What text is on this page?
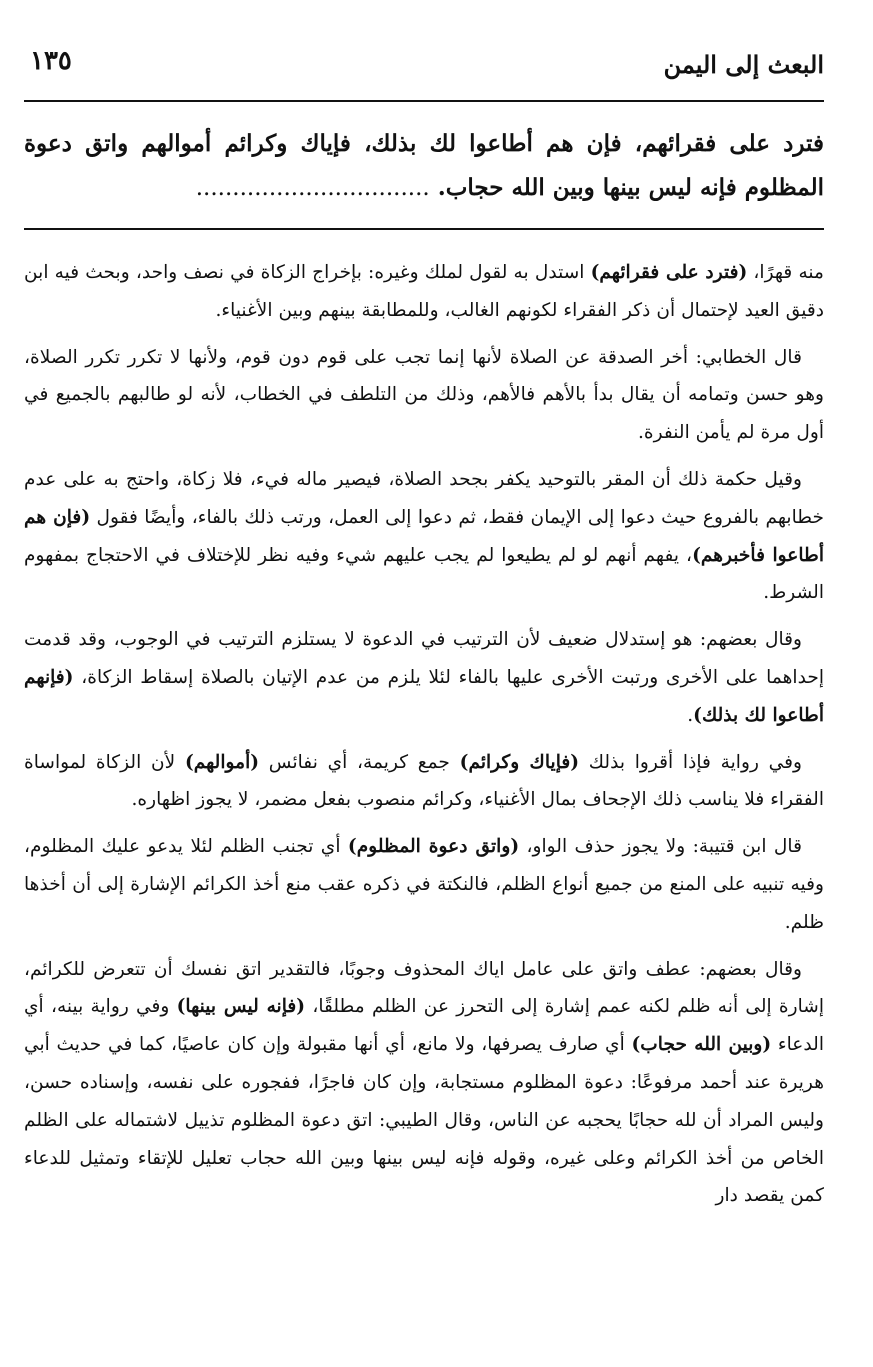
البعث إلى اليمن
١٣٥
فترد على فقرائهم، فإن هم أطاعوا لك بذلك، فإياك وكرائم أموالهم واتق دعوة المظلوم فإنه ليس بينها وبين الله حجاب. ................................

منه قهرًا، (فترد على فقرائهم) استدل به لقول لملك وغيره: بإخراج الزكاة في نصف واحد، وبحث فيه ابن دقيق العيد لإحتمال أن ذكر الفقراء لكونهم الغالب، وللمطابقة بينهم وبين الأغنياء.

قال الخطابي: أخر الصدقة عن الصلاة لأنها إنما تجب على قوم دون قوم، ولأنها لا تكرر تكرر الصلاة، وهو حسن وتمامه أن يقال بدأ بالأهم فالأهم، وذلك من التلطف في الخطاب، لأنه لو طالبهم بالجميع في أول مرة لم يأمن النفرة.

وقيل حكمة ذلك أن المقر بالتوحيد يكفر بجحد الصلاة، فيصير ماله فيء، فلا زكاة، واحتج به على عدم خطابهم بالفروع حيث دعوا إلى الإيمان فقط، ثم دعوا إلى العمل، ورتب ذلك بالفاء، وأيضًا فقول (فإن هم أطاعوا فأخبرهم)، يفهم أنهم لو لم يطيعوا لم يجب عليهم شيء وفيه نظر للإختلاف في الاحتجاج بمفهوم الشرط.

وقال بعضهم: هو إستدلال ضعيف لأن الترتيب في الدعوة لا يستلزم الترتيب في الوجوب، وقد قدمت إحداهما على الأخرى ورتبت الأخرى عليها بالفاء لئلا يلزم من عدم الإتيان بالصلاة إسقاط الزكاة، (فإنهم أطاعوا لك بذلك).

وفي رواية فإذا أقروا بذلك (فإياك وكرائم) جمع كريمة، أي نفائس (أموالهم) لأن الزكاة لمواساة الفقراء فلا يناسب ذلك الإجحاف بمال الأغنياء، وكرائم منصوب بفعل مضمر، لا يجوز اظهاره.

قال ابن قتيبة: ولا يجوز حذف الواو، (واتق دعوة المظلوم) أي تجنب الظلم لئلا يدعو عليك المظلوم، وفيه تنبيه على المنع من جميع أنواع الظلم، فالنكتة في ذكره عقب منع أخذ الكرائم الإشارة إلى أن أخذها ظلم.

وقال بعضهم: عطف واتق على عامل اياك المحذوف وجوبًا، فالتقدير اتق نفسك أن تتعرض للكرائم، إشارة إلى أنه ظلم لكنه عمم إشارة إلى التحرز عن الظلم مطلقًا، (فإنه ليس بينها) وفي رواية بينه، أي الدعاء (وبين الله حجاب) أي صارف يصرفها، ولا مانع، أي أنها مقبولة وإن كان عاصيًا، كما في حديث أبي هريرة عند أحمد مرفوعًا: دعوة المظلوم مستجابة، وإن كان فاجرًا، ففجوره على نفسه، وإسناده حسن، وليس المراد أن لله حجابًا يحجبه عن الناس، وقال الطيبي: اتق دعوة المظلوم تذييل لاشتماله على الظلم الخاص من أخذ الكرائم وعلى غيره، وقوله فإنه ليس بينها وبين الله حجاب تعليل للإتقاء وتمثيل للدعاء كمن يقصد دار
